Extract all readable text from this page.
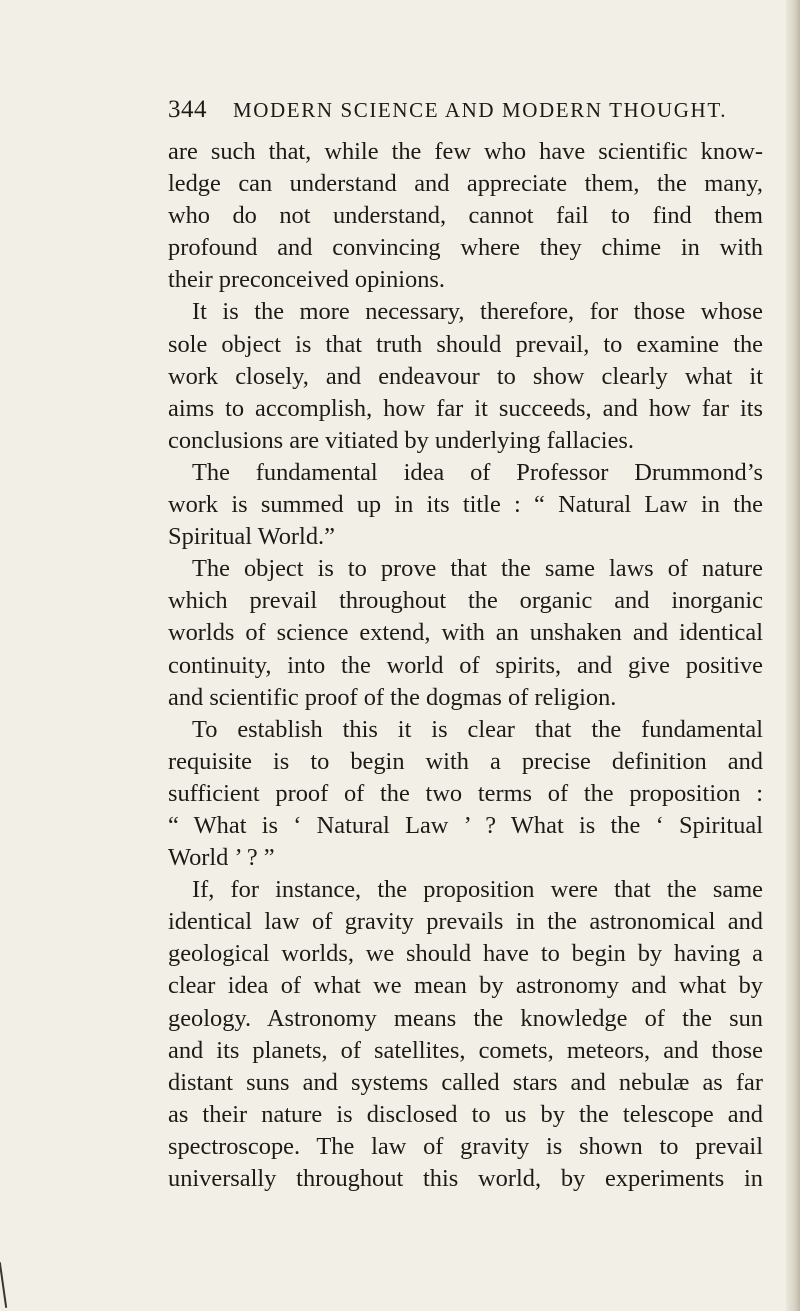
344 MODERN SCIENCE AND MODERN THOUGHT.
are such that, while the few who have scientific know-
ledge can understand and appreciate them, the many,
who do not understand, cannot fail to find them
profound and convincing where they chime in with
their preconceived opinions.
It is the more necessary, therefore, for those whose
sole object is that truth should prevail, to examine the
work closely, and endeavour to show clearly what it
aims to accomplish, how far it succeeds, and how far its
conclusions are vitiated by underlying fallacies.
The fundamental idea of Professor Drummond’s
work is summed up in its title : “ Natural Law in the
Spiritual World.”
The object is to prove that the same laws of nature
which prevail throughout the organic and inorganic
worlds of science extend, with an unshaken and identical
continuity, into the world of spirits, and give positive
and scientific proof of the dogmas of religion.
To establish this it is clear that the fundamental
requisite is to begin with a precise definition and
sufficient proof of the two terms of the proposition :
“ What is ‘ Natural Law ’ ? What is the ‘ Spiritual
World ’ ? ”
If, for instance, the proposition were that the same
identical law of gravity prevails in the astronomical and
geological worlds, we should have to begin by having a
clear idea of what we mean by astronomy and what by
geology. Astronomy means the knowledge of the sun
and its planets, of satellites, comets, meteors, and those
distant suns and systems called stars and nebulæ as far
as their nature is disclosed to us by the telescope and
spectroscope. The law of gravity is shown to prevail
universally throughout this world, by experiments in
